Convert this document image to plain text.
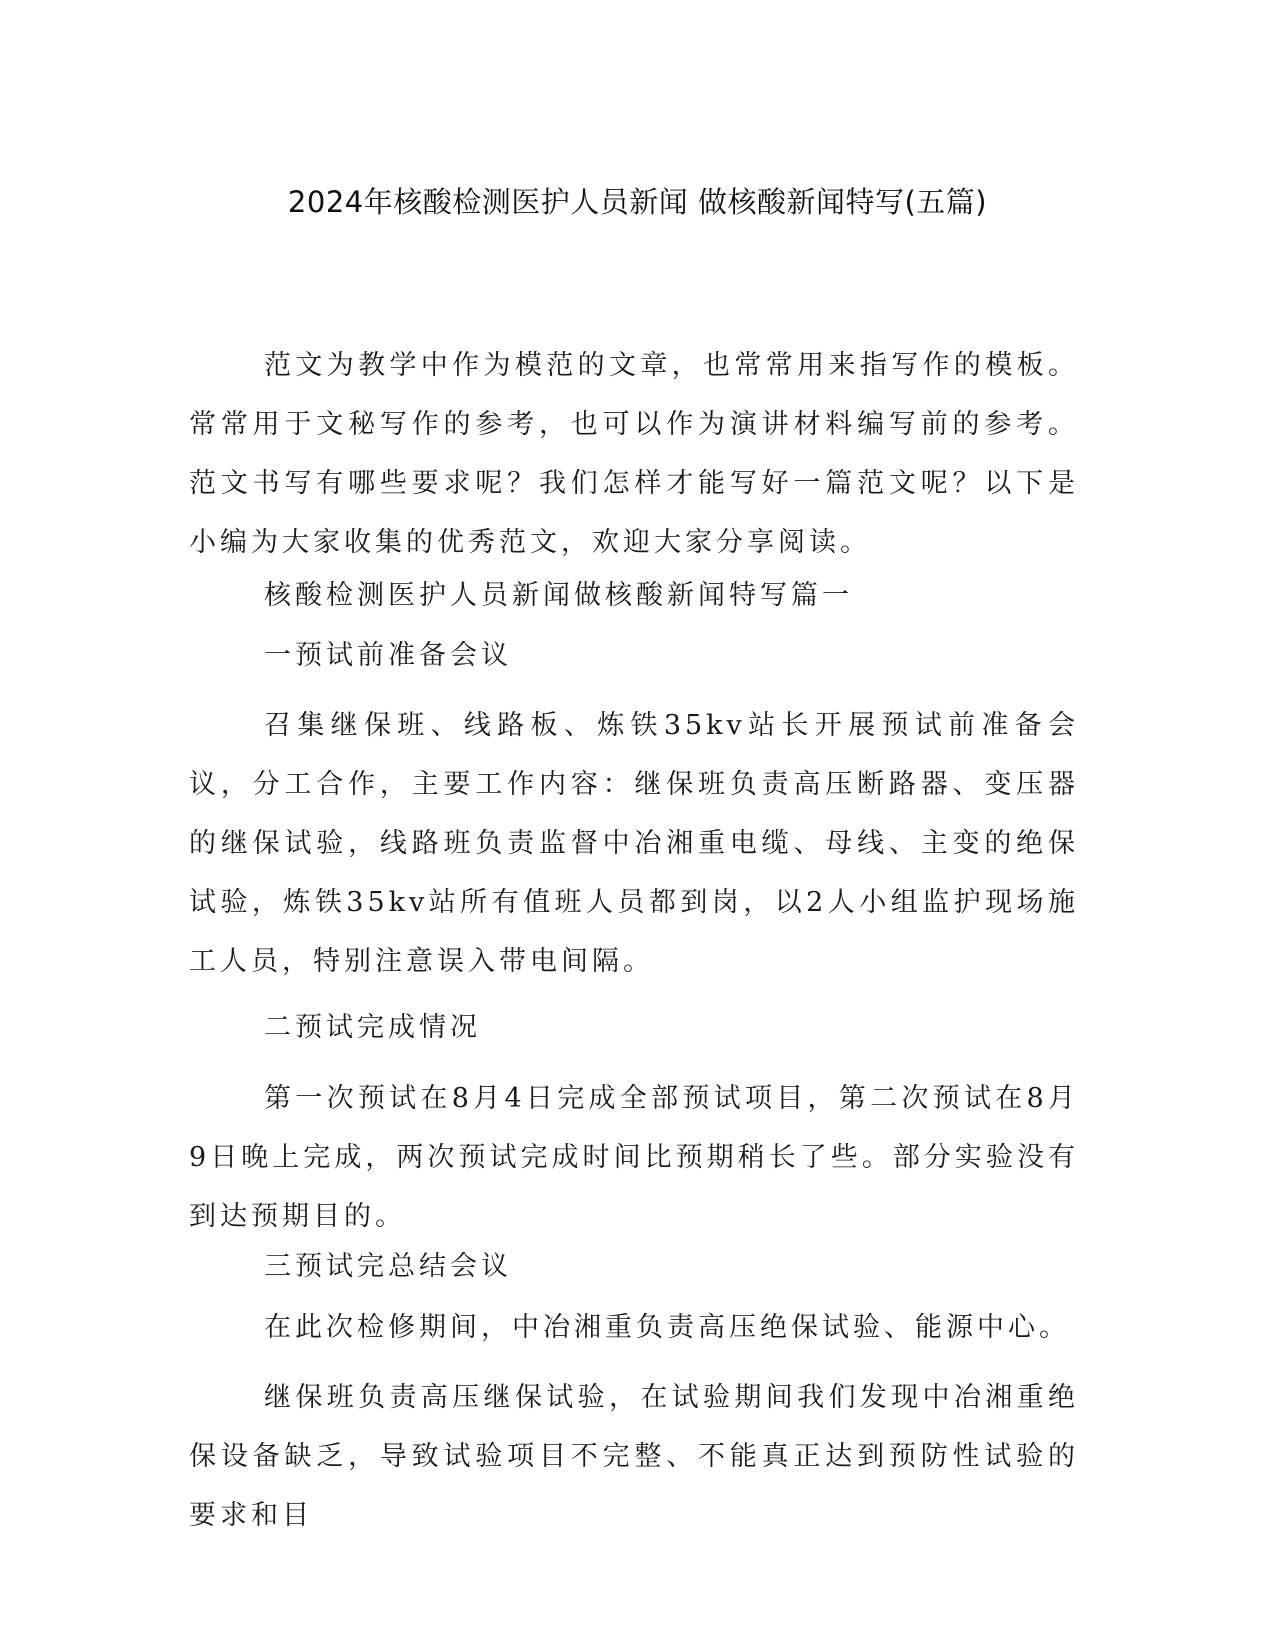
2024年核酸检测医护人员新闻 做核酸新闻特写(五篇)
范文为教学中作为模范的文章，也常常用来指写作的模板。常常用于文秘写作的参考，也可以作为演讲材料编写前的参考。范文书写有哪些要求呢？我们怎样才能写好一篇范文呢？以下是小编为大家收集的优秀范文，欢迎大家分享阅读。
核酸检测医护人员新闻做核酸新闻特写篇一
一预试前准备会议
召集继保班、线路板、炼铁35kv站长开展预试前准备会议，分工合作，主要工作内容：继保班负责高压断路器、变压器的继保试验，线路班负责监督中冶湘重电缆、母线、主变的绝保试验，炼铁35kv站所有值班人员都到岗，以2人小组监护现场施工人员，特别注意误入带电间隔。
二预试完成情况
第一次预试在8月4日完成全部预试项目，第二次预试在8月9日晚上完成，两次预试完成时间比预期稍长了些。部分实验没有到达预期目的。
三预试完总结会议
在此次检修期间，中冶湘重负责高压绝保试验、能源中心。
继保班负责高压继保试验，在试验期间我们发现中冶湘重绝保设备缺乏，导致试验项目不完整、不能真正达到预防性试验的要求和目
